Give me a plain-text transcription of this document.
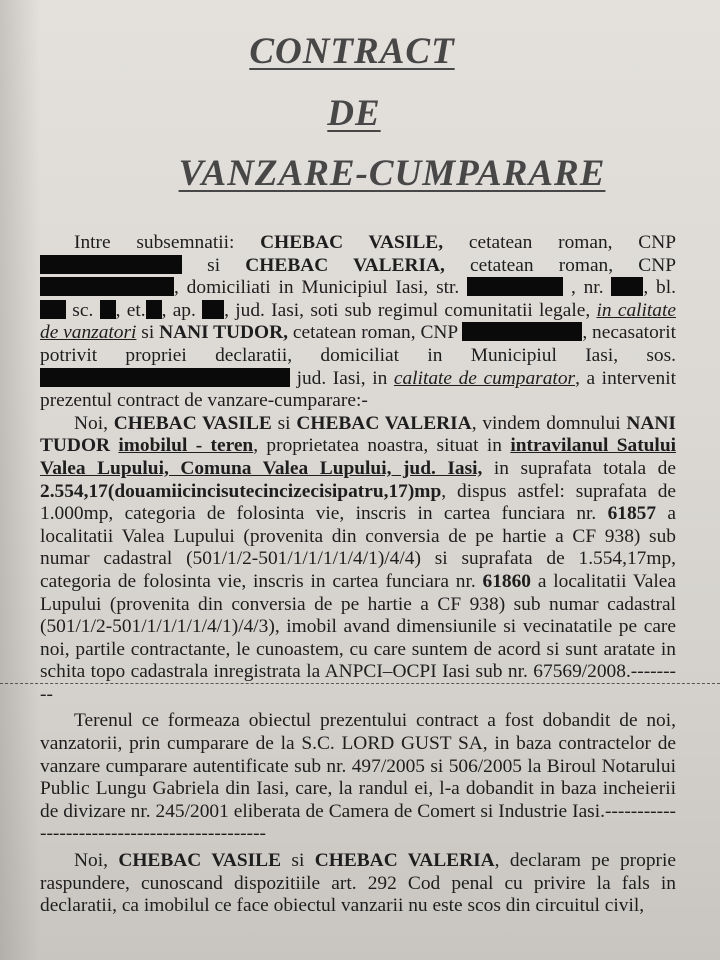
CONTRACT
DE
VANZARE-CUMPARARE

Intre subsemnatii: CHEBAC VASILE, cetatean roman, CNP  si CHEBAC VALERIA, cetatean roman, CNP , domiciliati in Municipiul Iasi, str.	, nr. , bl.  sc. , et. , ap. , jud. Iasi, soti sub regimul comunitatii legale, in calitate de vanzatori si NANI TUDOR, cetatean roman, CNP	, necasatorit potrivit propriei declaratii, domiciliat in Municipiul Iasi, sos.  jud. Iasi, in calitate de cumparator, a intervenit prezentul contract de vanzare-cumparare:-

Noi, CHEBAC VASILE si CHEBAC VALERIA, vindem domnului NANI TUDOR imobilul - teren, proprietatea noastra, situat in intravilanul Satului Valea Lupului, Comuna Valea Lupului, jud. Iasi, in suprafata totala de 2.554,17(douamiicincisutecincizecisipatru,17)mp, dispus astfel: suprafata de 1.000mp, categoria de folosinta vie, inscris in cartea funciara nr. 61857 a localitatii Valea Lupului (provenita din conversia de pe hartie a CF 938) sub numar cadastral (501/1/2-501/1/1/1/1/4/1)/4/4) si suprafata de 1.554,17mp, categoria de folosinta vie, inscris in cartea funciara nr. 61860 a localitatii Valea Lupului (provenita din conversia de pe hartie a CF 938) sub numar cadastral (501/1/2-501/1/1/1/1/4/1)/4/3), imobil avand dimensiunile si vecinatatile pe care noi, partile contractante, le cunoastem, cu care suntem de acord si sunt aratate in schita topo cadastrala inregistrata la ANPCI–OCPI Iasi sub nr. 67569/2008.---------

Terenul ce formeaza obiectul prezentului contract a fost dobandit de noi, vanzatorii, prin cumparare de la S.C. LORD GUST SA, in baza contractelor de vanzare cumparare autentificate sub nr. 497/2005 si 506/2005 la Biroul Notarului Public Lungu Gabriela din Iasi, care, la randul ei, l-a dobandit in baza incheierii de divizare nr. 245/2001 eliberata de Camera de Comert si Industrie Iasi.----------------------------------------------

Noi, CHEBAC VASILE si CHEBAC VALERIA, declaram pe proprie raspundere, cunoscand dispozitiile art. 292 Cod penal cu privire la fals in declaratii, ca imobilul ce face obiectul vanzarii nu este scos din circuitul civil,
